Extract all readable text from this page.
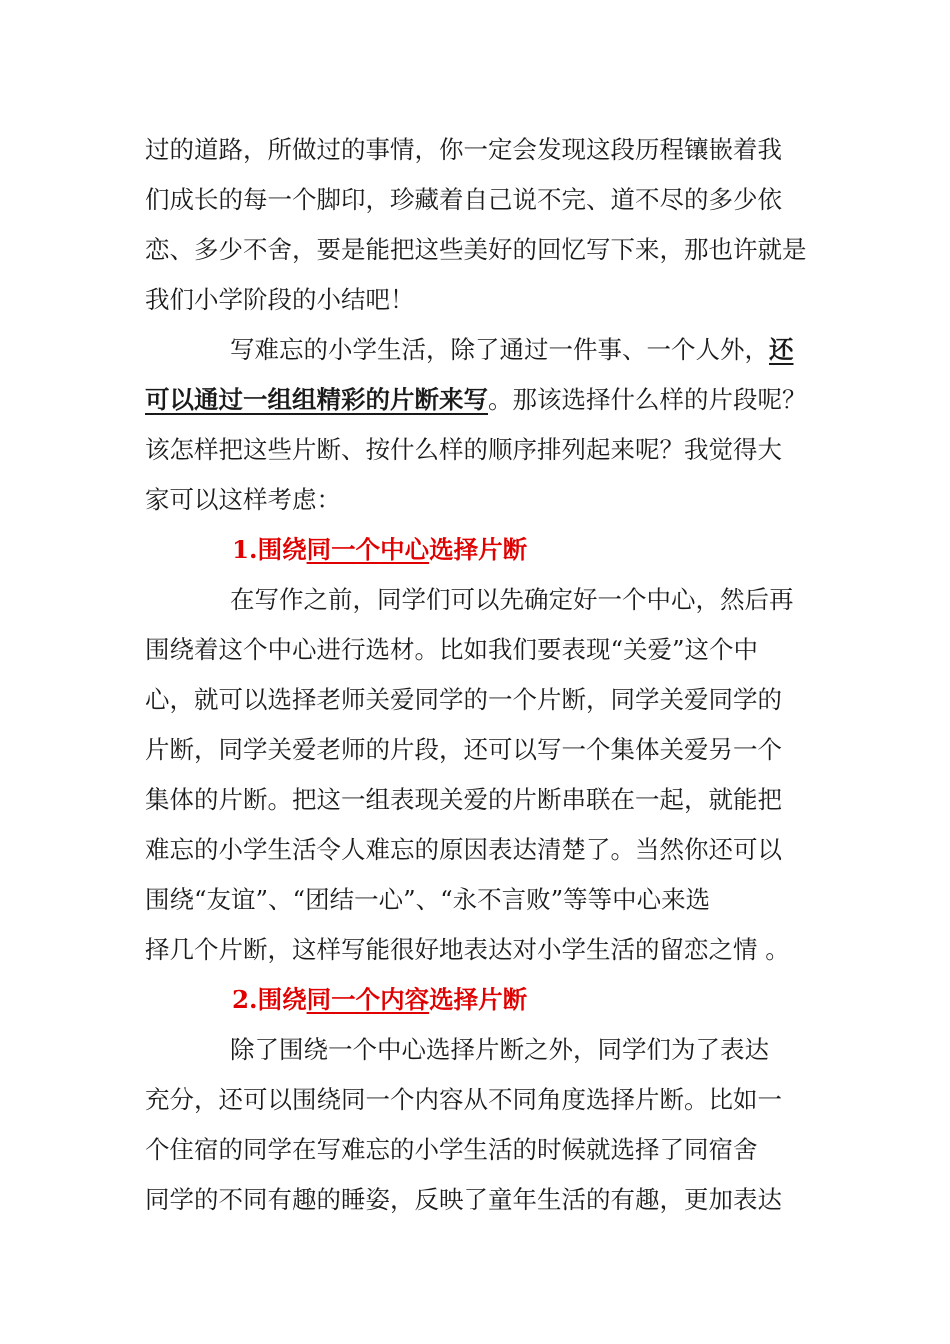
过的道路，所做过的事情，你一定会发现这段历程镶嵌着我
们成长的每一个脚印，珍藏着自己说不完、道不尽的多少依
恋、多少不舍，要是能把这些美好的回忆写下来，那也许就是
我们小学阶段的小结吧！
写难忘的小学生活，除了通过一件事、一个人外，还
可以通过一组组精彩的片断来写。那该选择什么样的片段呢？
该怎样把这些片断、按什么样的顺序排列起来呢？我觉得大
家可以这样考虑：
1.围绕同一个中心选择片断
在写作之前，同学们可以先确定好一个中心，然后再
围绕着这个中心进行选材。比如我们要表现“关爱”这个中
心，就可以选择老师关爱同学的一个片断，同学关爱同学的
片断，同学关爱老师的片段，还可以写一个集体关爱另一个
集体的片断。把这一组表现关爱的片断串联在一起，就能把
难忘的小学生活令人难忘的原因表达清楚了。当然你还可以
围绕“友谊”、“团结一心”、“永不言败”等等中心来选
择几个片断，这样写能很好地表达对小学生活的留恋之情 。
2.围绕同一个内容选择片断
除了围绕一个中心选择片断之外，同学们为了表达
充分，还可以围绕同一个内容从不同角度选择片断。比如一
个住宿的同学在写难忘的小学生活的时候就选择了同宿舍
同学的不同有趣的睡姿，反映了童年生活的有趣，更加表达
